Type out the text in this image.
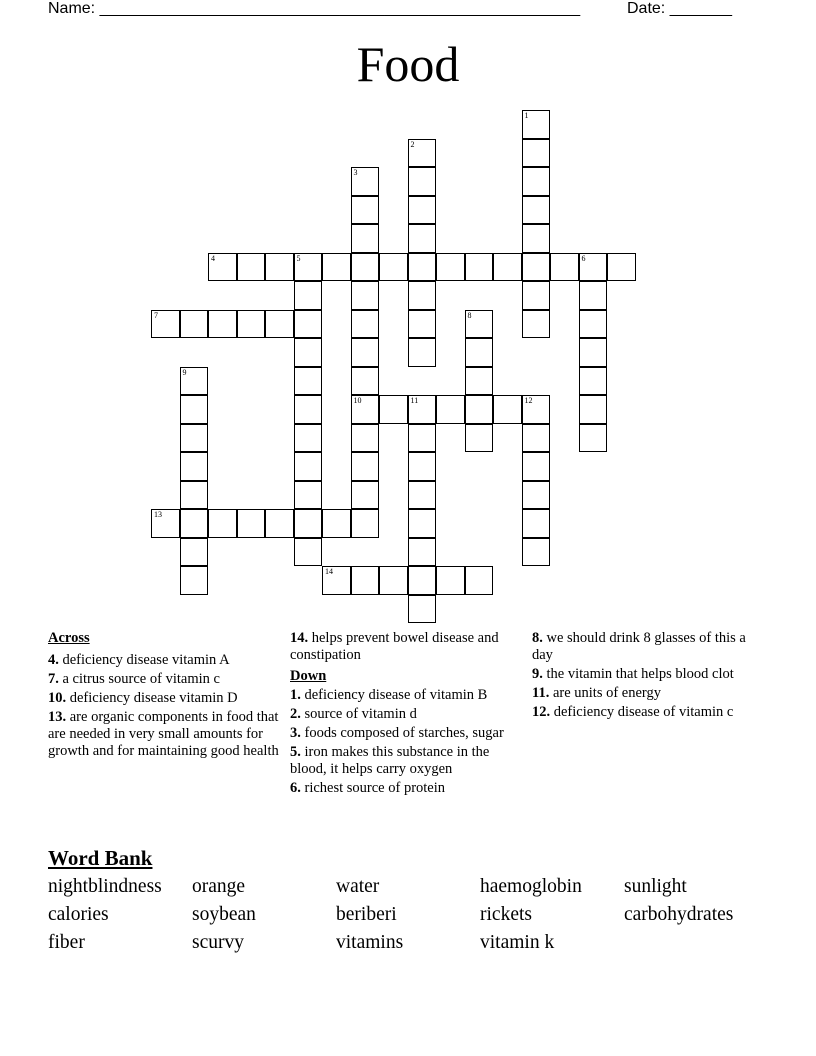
Name: ______________________________________________________	Date: _______
Food
1
2
3
10
4	5	6
7	8
9
11	12
13
14
Across
4. deficiency disease vitamin A
7. a citrus source of vitamin c
10. deficiency disease vitamin D
13. are organic components in food that are needed in very small amounts for growth and for maintaining good health
14. helps prevent bowel disease and constipation
Down
1. deficiency disease of vitamin B
2. source of vitamin d
3. foods composed of starches, sugar
5. iron makes this substance in the blood, it helps carry oxygen
6. richest source of protein
8. we should drink 8 glasses of this a day
9. the vitamin that helps blood clot
11. are units of energy
12. deficiency disease of vitamin c
Word Bank
nightblindness orange	water	haemoglobin sunlight
calories	soybean	beriberi	rickets	carbohydrates
fiber	scurvy	vitamins	vitamin k
